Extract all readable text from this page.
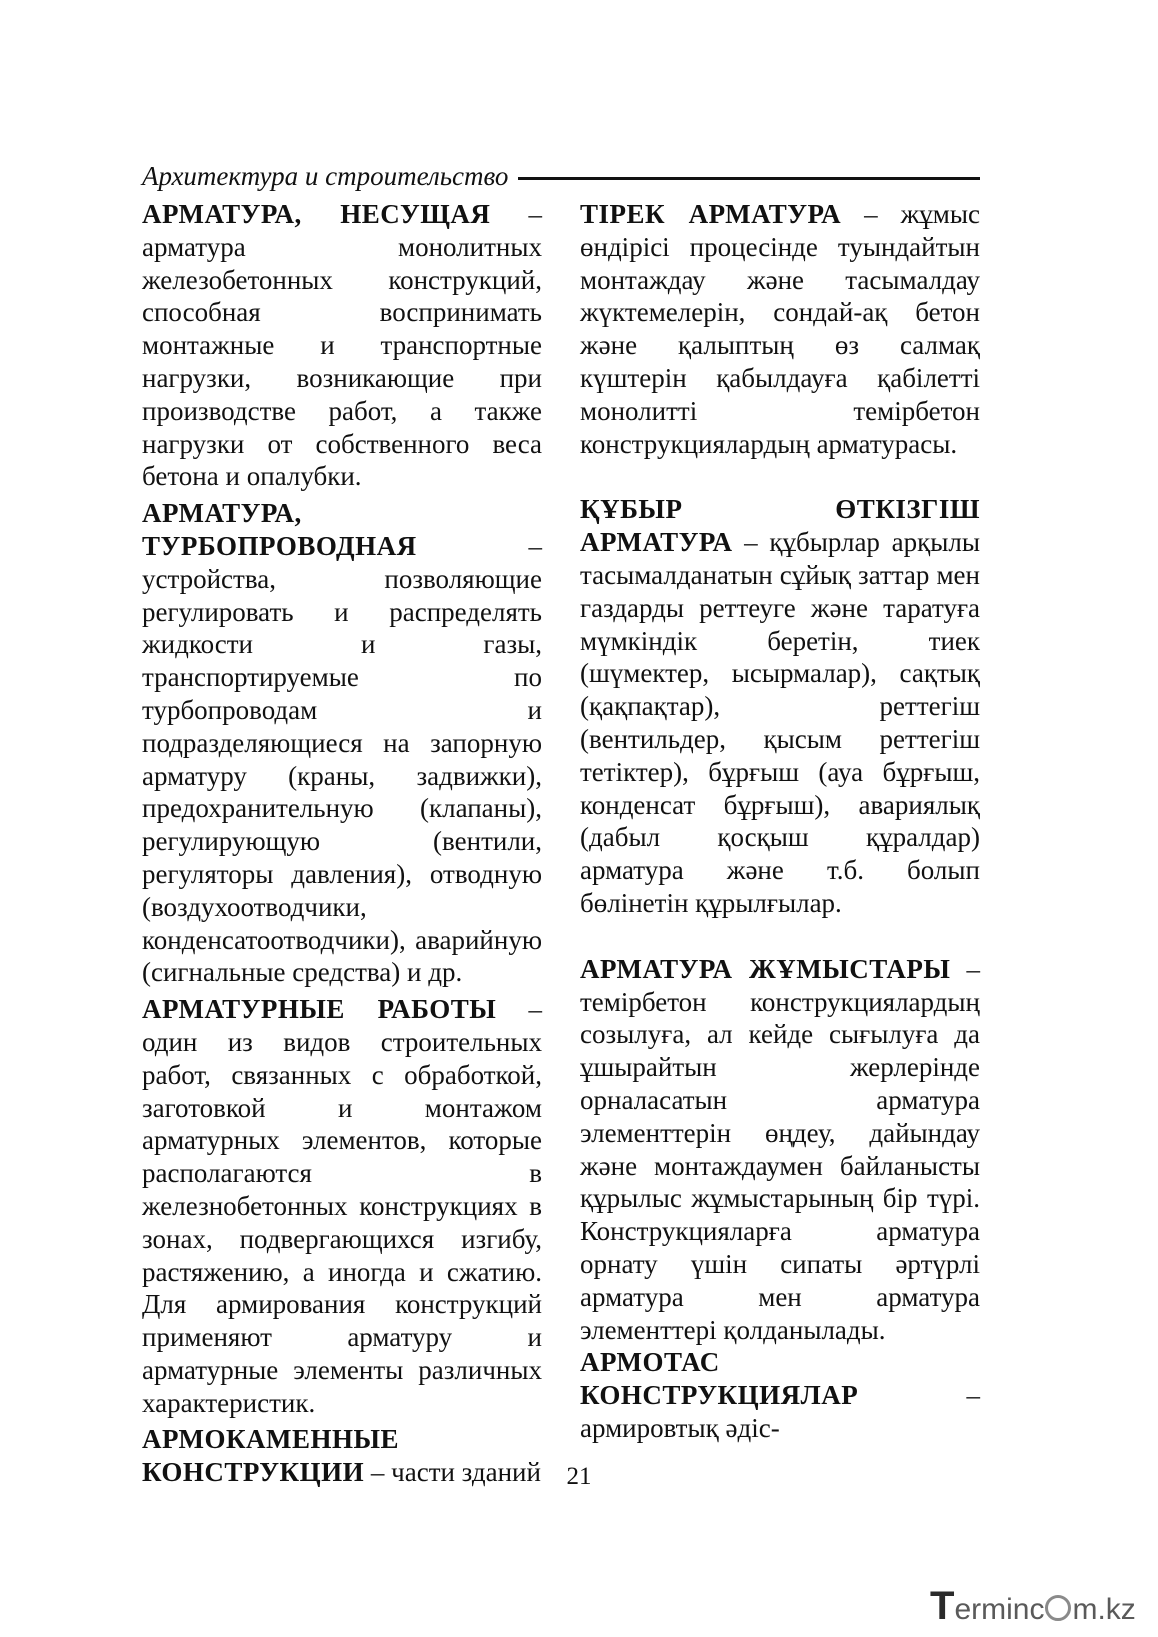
Архитектура и строительство

АРМАТУРА, НЕСУЩАЯ – арматура монолитных железобетонных конструкций, способная воспринимать монтажные и транспортные нагрузки, возникающие при производстве работ, а также нагрузки от собственного веса бетона и опалубки.

АРМАТУРА, ТУРБОПРОВОДНАЯ – устройства, позволяющие регулировать и распределять жидкости и газы, транспортируемые по турбопроводам и подразделяющиеся на запорную арматуру (краны, задвижки), предохранительную (клапаны), регулирующую (вентили, регуляторы давления), отводную (воздухоотводчики, конденсатоотводчики), аварийную (сигнальные средства) и др.

АРМАТУРНЫЕ РАБОТЫ – один из видов строительных работ, связанных с обработкой, заготовкой и монтажом арматурных элементов, которые располагаются в железнобетонных конструкциях в зонах, подвергающихся изгибу, растяжению, а иногда и сжатию. Для армирования конструкций применяют арматуру и арматурные элементы различных характеристик.

АРМОКАМЕННЫЕ КОНСТРУКЦИИ – части зданий

ТІРЕК АРМАТУРА – жұмыс өндірісі процесінде туындайтын монтаждау және тасымалдау жүктемелерін, сондай-ақ бетон және қалыптың өз салмақ күштерін қабылдауға қабілетті монолитті темірбетон конструкциялардың арматурасы.

ҚҰБЫР ӨТКІЗГІШ АРМАТУРА – құбырлар арқылы тасымалданатын сұйық заттар мен газдарды реттеуге және таратуға мүмкіндік беретін, тиек (шүмектер, ысырмалар), сақтық (қақпақтар), реттегіш (вентильдер, қысым реттегіш тетіктер), бұрғыш (ауа бұрғыш, конденсат бұрғыш), авариялық (дабыл қосқыш құралдар) арматура және т.б. болып бөлінетін құрылғылар.

АРМАТУРА ЖҰМЫСТАРЫ – темірбетон конструкциялардың созылуға, ал кейде сығылуға да ұшырайтын жерлерінде орналасатын арматура элементтерін өңдеу, дайындау және монтаждаумен байланысты құрылыс жұмыстарының бір түрі. Конструкцияларға арматура орнату үшін сипаты әртүрлі арматура мен арматура элементтері қолданылады.

АРМОТАС КОНСТРУКЦИЯЛАР – армировтық әдіс-

21
T erminc m.kz
